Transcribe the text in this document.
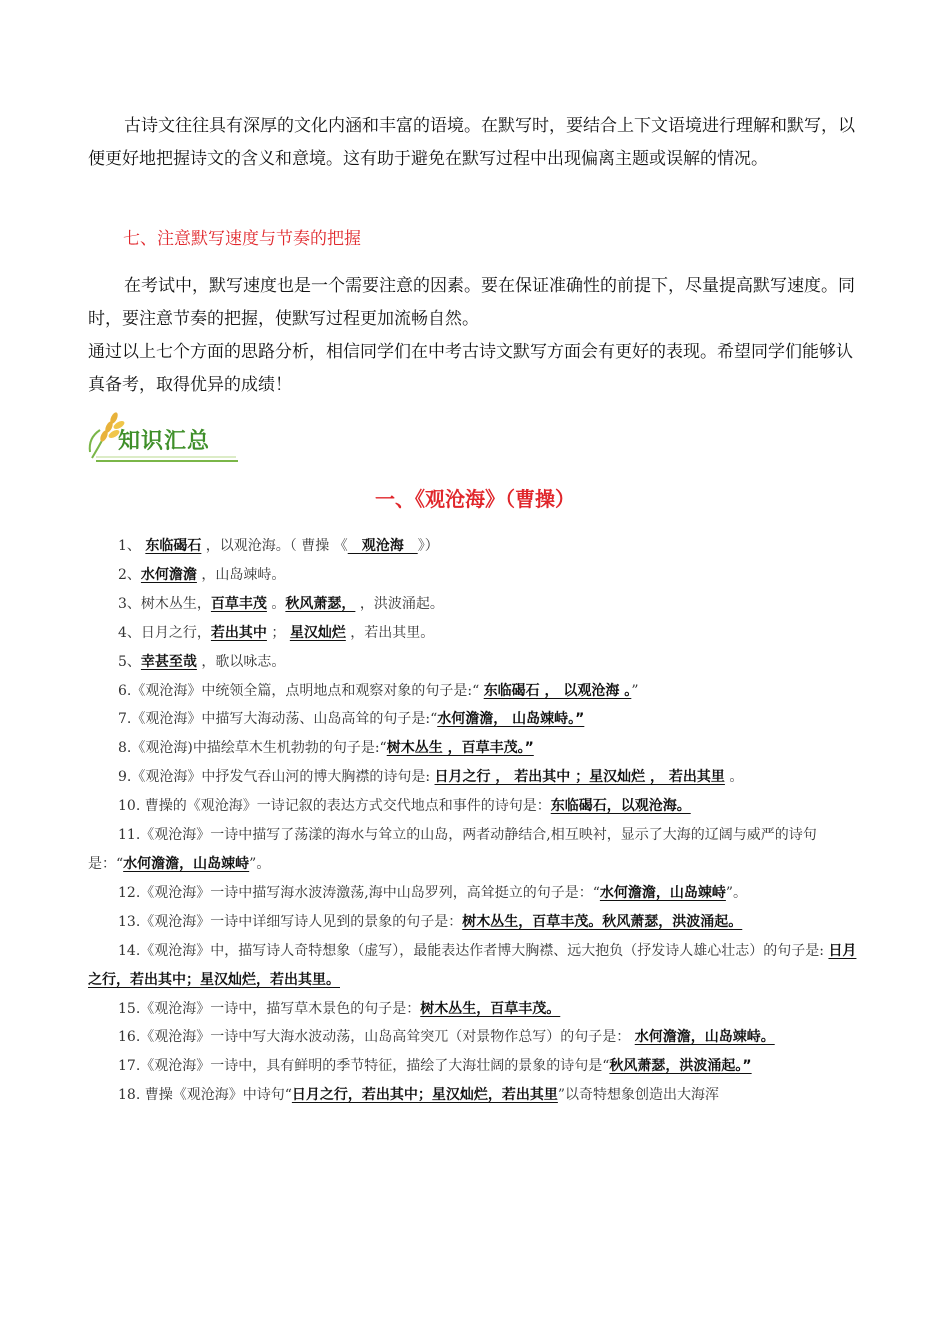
古诗文往往具有深厚的文化内涵和丰富的语境。在默写时，要结合上下文语境进行理解和默写，以便更好地把握诗文的含义和意境。这有助于避免在默写过程中出现偏离主题或误解的情况。

七、注意默写速度与节奏的把握

在考试中，默写速度也是一个需要注意的因素。要在保证准确性的前提下，尽量提高默写速度。同时，要注意节奏的把握，使默写过程更加流畅自然。

通过以上七个方面的思路分析，相信同学们在中考古诗文默写方面会有更好的表现。希望同学们能够认真备考，取得优异的成绩！

知识汇总
一、《观沧海》（曹操）

1、 东临碣石 ，以观沧海。（ 曹操 《　观沧海　》）

2、水何澹澹 ，山岛竦峙。

3、树木丛生，百草丰茂 。秋风萧瑟， ，洪波涌起。

4、日月之行，若出其中 ； 星汉灿烂 ，若出其里。

5、幸甚至哉 ，歌以咏志。

6.《观沧海》中统领全篇，点明地点和观察对象的句子是:“ 东临碣石 ， 以观沧海 。”

7.《观沧海》中描写大海动荡、山岛高耸的句子是:“水何澹澹， 山岛竦峙。”

8.《观沧海)中描绘草木生机勃勃的句子是:“树木丛生 ，百草丰茂。”

9.《观沧海》中抒发气吞山河的博大胸襟的诗句是: 日月之行 ， 若出其中 ；星汉灿烂 ， 若出其里 。

10. 曹操的《观沧海》一诗记叙的表达方式交代地点和事件的诗句是：东临碣石，以观沧海。

11.《观沧海》一诗中描写了荡漾的海水与耸立的山岛，两者动静结合,相互映衬，显示了大海的辽阔与威严的诗句是：“水何澹澹，山岛竦峙”。

12.《观沧海》一诗中描写海水波涛激荡,海中山岛罗列，高耸挺立的句子是：“水何澹澹，山岛竦峙”。

13.《观沧海》一诗中详细写诗人见到的景象的句子是：树木丛生，百草丰茂。秋风萧瑟，洪波涌起。

14.《观沧海》中，描写诗人奇特想象（虚写），最能表达作者博大胸襟、远大抱负（抒发诗人雄心壮志）的句子是: 日月之行，若出其中；星汉灿烂，若出其里。

15.《观沧海》一诗中，描写草木景色的句子是：树木丛生，百草丰茂。

16.《观沧海》一诗中写大海水波动荡，山岛高耸突兀（对景物作总写）的句子是： 水何澹澹，山岛竦峙。

17.《观沧海》一诗中，具有鲜明的季节特征，描绘了大海壮阔的景象的诗句是“秋风萧瑟，洪波涌起。”

18. 曹操《观沧海》中诗句“日月之行，若出其中；星汉灿烂，若出其里”以奇特想象创造出大海浑
